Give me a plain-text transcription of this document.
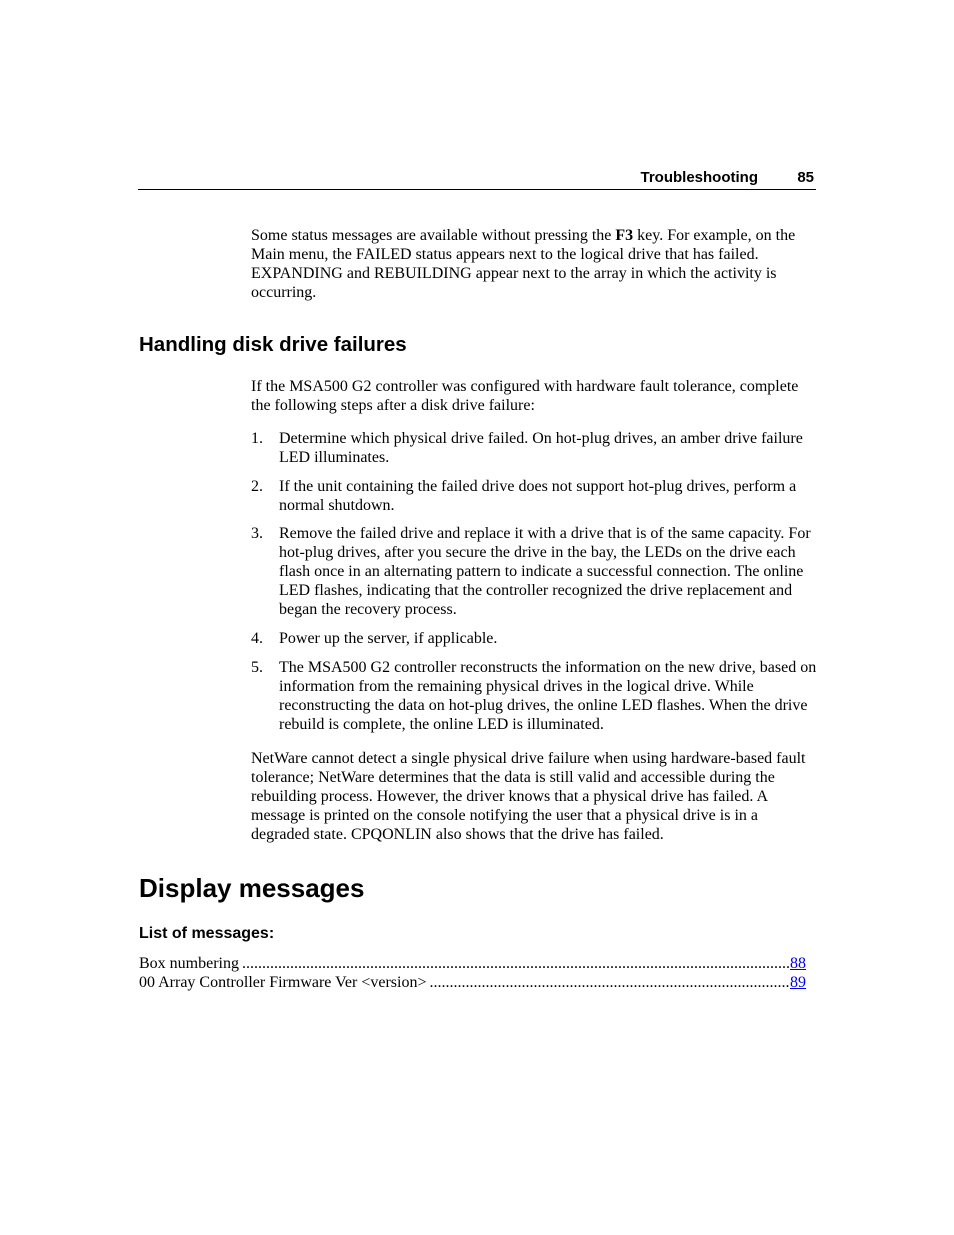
Troubleshooting	85

Some status messages are available without pressing the F3 key. For example, on the Main menu, the FAILED status appears next to the logical drive that has failed. EXPANDING and REBUILDING appear next to the array in which the activity is occurring.

Handling disk drive failures

If the MSA500 G2 controller was configured with hardware fault tolerance, complete the following steps after a disk drive failure:

1. Determine which physical drive failed. On hot-plug drives, an amber drive failure LED illuminates.
2. If the unit containing the failed drive does not support hot-plug drives, perform a normal shutdown.
3. Remove the failed drive and replace it with a drive that is of the same capacity. For hot-plug drives, after you secure the drive in the bay, the LEDs on the drive each flash once in an alternating pattern to indicate a successful connection. The online LED flashes, indicating that the controller recognized the drive replacement and began the recovery process.
4. Power up the server, if applicable.
5. The MSA500 G2 controller reconstructs the information on the new drive, based on information from the remaining physical drives in the logical drive. While reconstructing the data on hot-plug drives, the online LED flashes. When the drive rebuild is complete, the online LED is illuminated.

NetWare cannot detect a single physical drive failure when using hardware-based fault tolerance; NetWare determines that the data is still valid and accessible during the rebuilding process. However, the driver knows that a physical drive has failed. A message is printed on the console notifying the user that a physical drive is in a degraded state. CPQONLIN also shows that the drive has failed.

Display messages
List of messages:
Box numbering .....	88
00 Array Controller Firmware Ver <version> .....	89
